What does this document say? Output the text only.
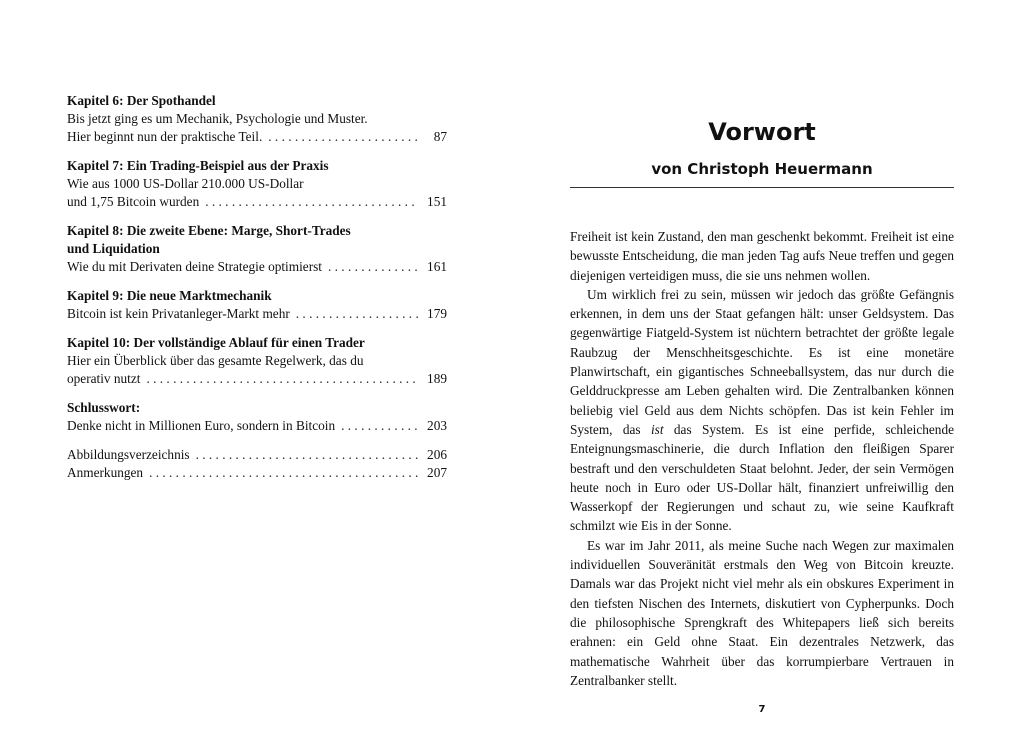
Kapitel 6: Der Spothandel
Bis jetzt ging es um Mechanik, Psychologie und Muster.
Hier beginnt nun der praktische Teil. . . .	87
Kapitel 7: Ein Trading-Beispiel aus der Praxis
Wie aus 1000 US-Dollar 210.000 US-Dollar
und 1,75 Bitcoin wurden . . .	151
Kapitel 8: Die zweite Ebene: Marge, Short-Trades
und Liquidation
Wie du mit Derivaten deine Strategie optimierst . . .	161
Kapitel 9: Die neue Marktmechanik
Bitcoin ist kein Privatanleger-Markt mehr . . .	179
Kapitel 10: Der vollständige Ablauf für einen Trader
Hier ein Überblick über das gesamte Regelwerk, das du
operativ nutzt . . .	189
Schlusswort:
Denke nicht in Millionen Euro, sondern in Bitcoin . . .	203
Abbildungsverzeichnis . . .	206
Anmerkungen . . .	207
Vorwort
von Christoph Heuermann

Freiheit ist kein Zustand, den man geschenkt bekommt. Freiheit ist eine bewusste Entscheidung, die man jeden Tag aufs Neue treffen und gegen diejenigen verteidigen muss, die sie uns nehmen wollen.

Um wirklich frei zu sein, müssen wir jedoch das größte Gefängnis erkennen, in dem uns der Staat gefangen hält: unser Geldsystem. Das gegenwärtige Fiatgeld-System ist nüchtern betrachtet der größte legale Raubzug der Menschheitsgeschichte. Es ist eine monetäre Planwirtschaft, ein gigantisches Schneeballsystem, das nur durch die Gelddruckpresse am Leben gehalten wird. Die Zentralbanken können beliebig viel Geld aus dem Nichts schöpfen. Das ist kein Fehler im System, das ist das System. Es ist eine perfide, schleichende Enteignungsmaschinerie, die durch Inflation den fleißigen Sparer bestraft und den verschuldeten Staat belohnt. Jeder, der sein Vermögen heute noch in Euro oder US-Dollar hält, finanziert unfreiwillig den Wasserkopf der Regierungen und schaut zu, wie seine Kaufkraft schmilzt wie Eis in der Sonne.

Es war im Jahr 2011, als meine Suche nach Wegen zur maximalen individuellen Souveränität erstmals den Weg von Bitcoin kreuzte. Damals war das Projekt nicht viel mehr als ein obskures Experiment in den tiefsten Nischen des Internets, diskutiert von Cypherpunks. Doch die philosophische Sprengkraft des Whitepapers ließ sich bereits erahnen: ein Geld ohne Staat. Ein dezentrales Netzwerk, das mathematische Wahrheit über das korrumpierbare Vertrauen in Zentralbanker stellt.

7
